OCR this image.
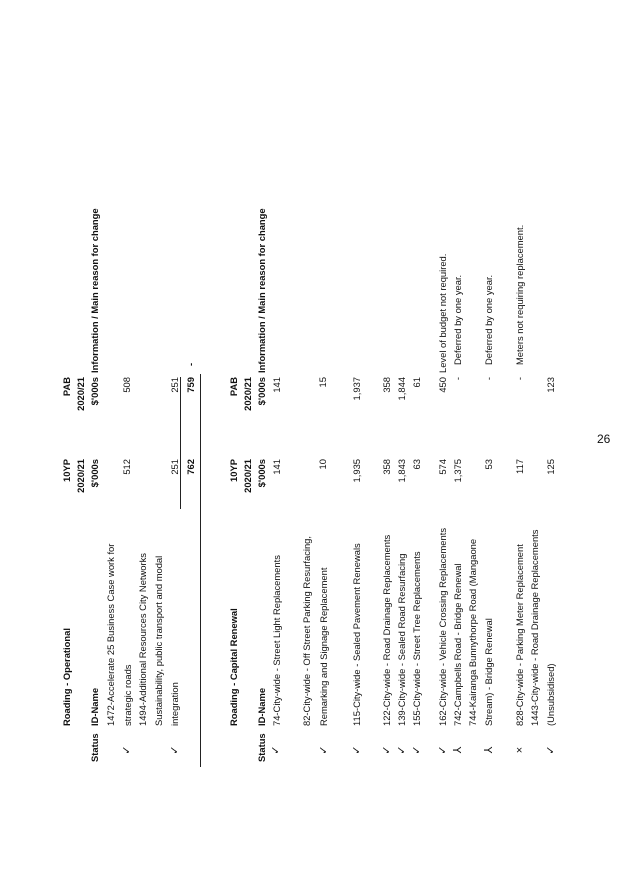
Roading - Operational
10YP
PAB
2020/21
2020/21
Status
ID-Name
$'000s
$'000s
Information / Main reason for change
✓
1472-Accelerate 25 Business Case work for strategic roads
512
508
✓
1494-Additional Resources City Networks Sustainability, public transport and modal integration
251
251
762
759
-
Roading - Capital Renewal
10YP
PAB
2020/21
2020/21
Status
ID-Name
$'000s
$'000s
Information / Main reason for change
✓
74-City-wide - Street Light Replacements
141
141
✓
82-City-wide - Off Street Parking Resurfacing, Remarking and Signage Replacement
10
15
✓
115-City-wide - Sealed Pavement Renewals
1,935
1,937
✓
122-City-wide - Road Drainage Replacements
358
358
✓
139-City-wide - Sealed Road Resurfacing
1,843
1,844
✓
155-City-wide - Street Tree Replacements
63
61
✓
162-City-wide - Vehicle Crossing Replacements
574
450
Level of budget not required.
⅄
742-Campbells Road - Bridge Renewal
1,375
-
Deferred by one year.
⅄
744-Kairanga Bunnythorpe Road (Mangaone Stream) - Bridge Renewal
53
-
Deferred by one year.
×
828-City-wide - Parking Meter Replacement
117
-
Meters not requiring replacement.
✓
1443-City-wide - Road Drainage Replacements (Unsubsidised)
125
123
26
